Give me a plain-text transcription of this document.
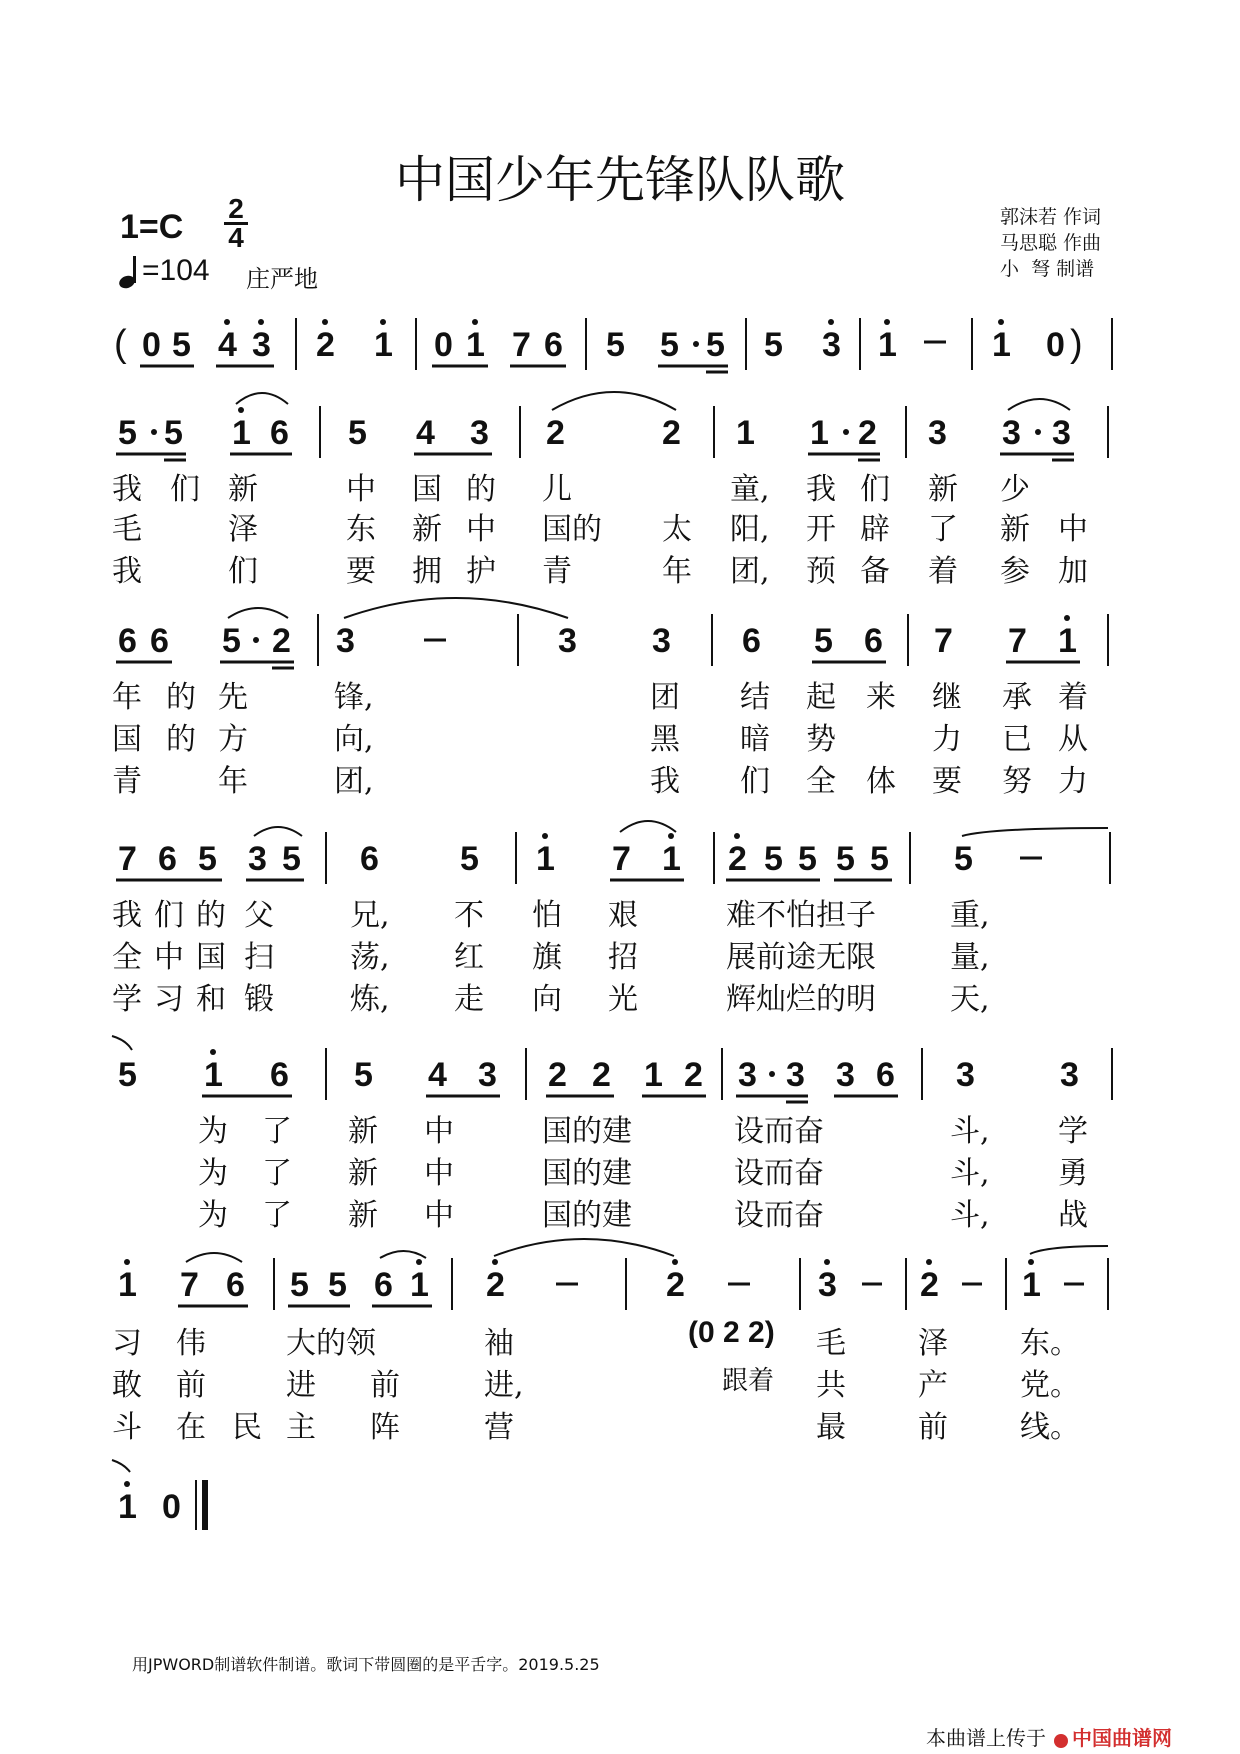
中国少年先锋队队歌
1=C 2
4
=104 庄严地
郭沫若 作词
马思聪 作曲
小  弩 制谱
( 0 5 4 3 2 1 0 1 7 6 5 5 5 5 3 1	1 0 )
5 5 1 6 5 4 3 2	2 1 1 2 3 3 3
6 6 5 2 3	3 3 6 5 6 7 7 1
7 6 5 3 5 6 5 1 7 1 2 5 5 5 5 5
5 1 6 5 4 3 2 2 1 2 3 3 3 6 3	3
1 7 6 5 5 6 1 2	2	3 2 1
1 0
我 们 新	中 国 的 儿	童, 我 们 新 少
毛	泽	东 新 中 国的 太 阳, 开 辟 了 新 中
我	们	要 拥 护 青	年 团, 预 备 着 参 加
年 的 先	锋,	团 结 起 来 继 承 着
国 的 方	向,	黑 暗 势	力 已 从
青	年	团,	我 们 全 体 要 努 力
我 们 的 父	兄, 不 怕 艰	难不怕担子 重,
全 中 国 扫	荡, 红 旗 招	展前途无限 量,
学 习 和 锻	炼, 走 向 光	辉灿烂的明 天,
为 了 新 中	国的建	设而奋	斗, 学
为 了 新 中	国的建	设而奋	斗, 勇
为 了 新 中	国的建	设而奋	斗, 战
习 伟	大的领	袖	(0 2 2) 毛 泽 东。
敢 前	进 前	进,	跟着 共 产 党。
斗 在 民 主 阵	营	最 前 线。
用JPWORD制谱软件制谱。歌词下带圆圈的是平舌字。2019.5.25
本曲谱上传于 中国曲谱网
